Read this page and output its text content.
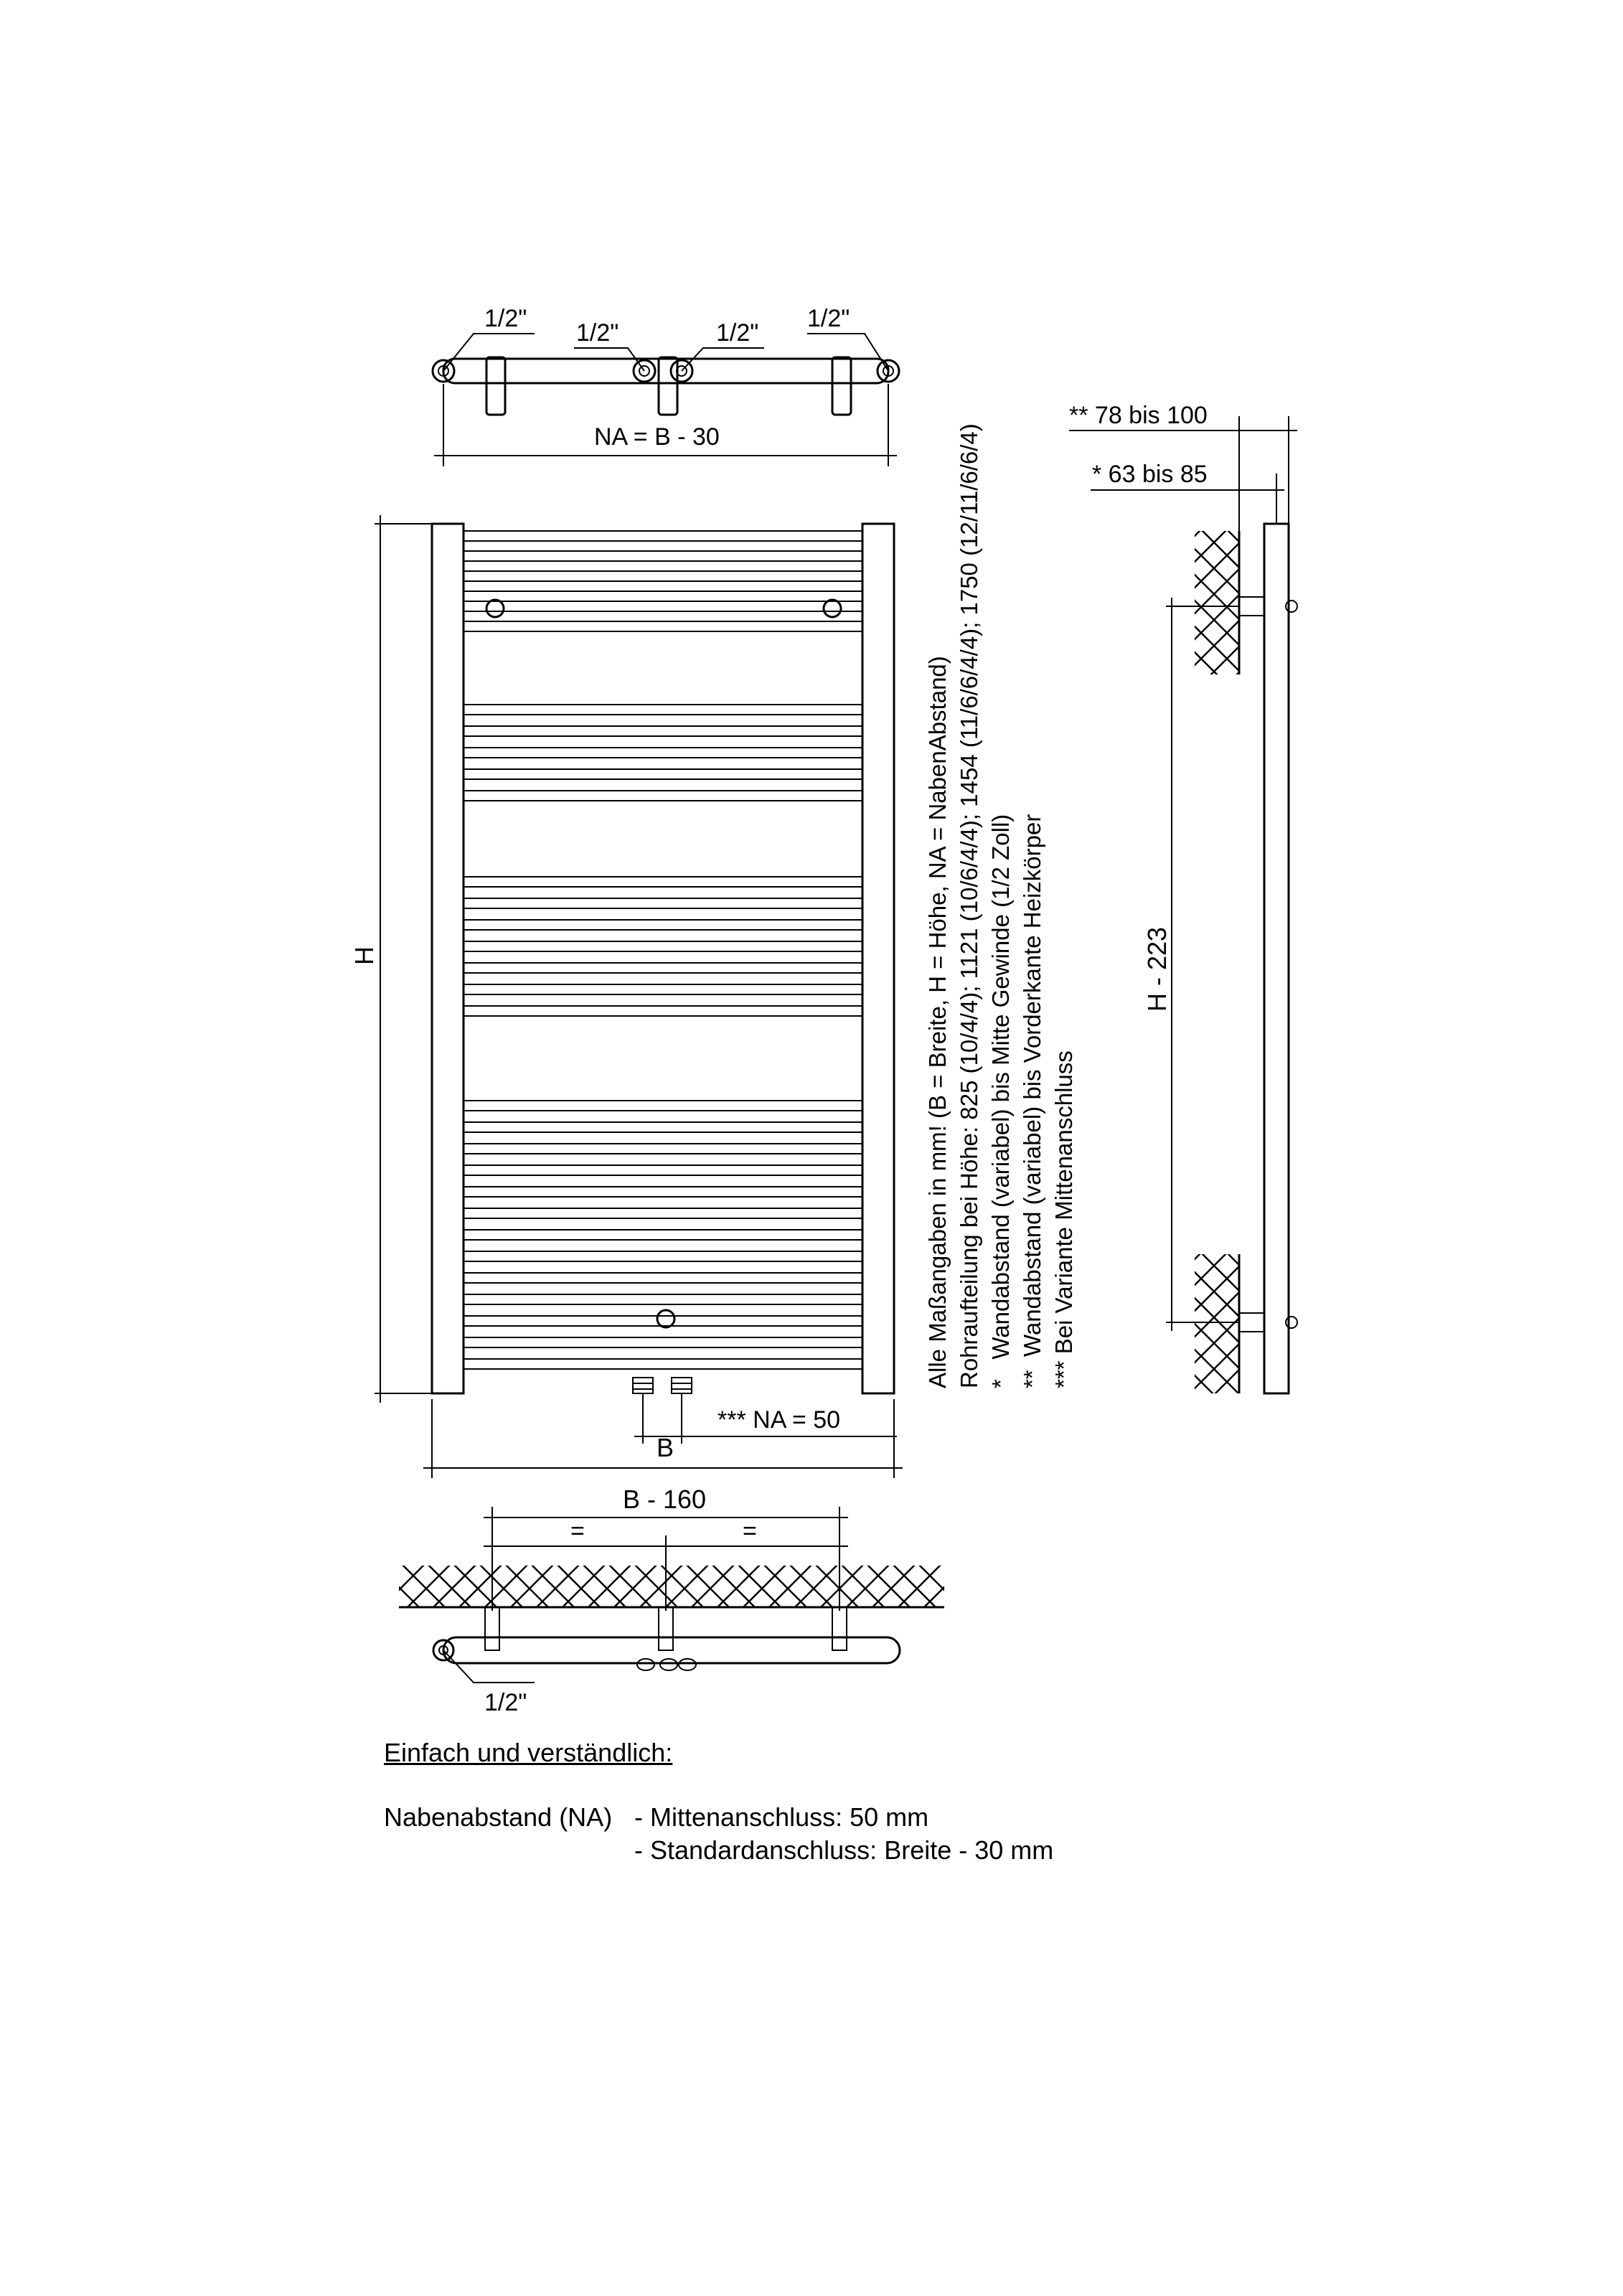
1/2"
1/2"	1/2"
1/2"
NA = B - 30
H
*** NA = 50
B
Alle Maßangaben in mm! (B = Breite, H = Höhe, NA = NabenAbstand) Rohraufteilung bei Höhe: 825 (10/4/4); 1121 (10/6/4/4); 1454 (11/6/6/4/4); 1750 (12/11/6/6/4) *   Wandabstand (variabel) bis Mitte Gewinde (1/2 Zoll) **  Wandabstand (variabel) bis Vorderkante Heizkörper *** Bei Variante Mittenanschluss
H - 223
** 78 bis 100
* 63 bis 85
B - 160
=	=
1/2"
Einfach und verständlich:
Nabenabstand (NA) - Mittenanschluss: 50 mm
- Standardanschluss: Breite - 30 mm
